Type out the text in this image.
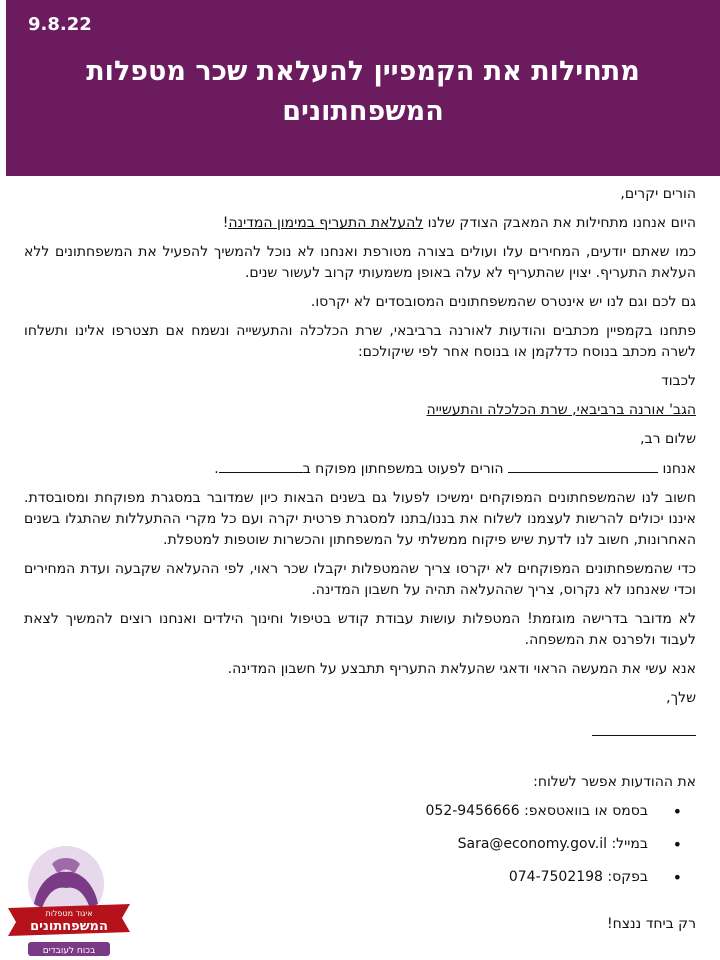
9.8.22
מתחילות את הקמפיין להעלאת שכר מטפלות המשפחתונים

הורים יקרים,

היום אנחנו מתחילות את המאבק הצודק שלנו להעלאת התעריף במימון המדינה!

כמו שאתם יודעים, המחירים עלו ועולים בצורה מטורפת ואנחנו לא נוכל להמשיך להפעיל את המשפחתונים ללא העלאת התעריף. יצוין שהתעריף לא עלה באופן משמעותי קרוב לעשור שנים.

גם לכם וגם לנו יש אינטרס שהמשפחתונים המסובסדים לא יקרסו.

פתחנו בקמפיין מכתבים והודעות לאורנה ברביבאי, שרת הכלכלה והתעשייה ונשמח אם תצטרפו אלינו ותשלחו לשרה מכתב בנוסח כדלקמן או בנוסח אחר לפי שיקולכם:

לכבוד

הגב' אורנה ברביבאי, שרת הכלכלה והתעשייה

שלום רב,

אנחנו  הורים לפעוט במשפחתון מפוקח ב.

חשוב לנו שהמשפחתונים המפוקחים ימשיכו לפעול גם בשנים הבאות כיון שמדובר במסגרת מפוקחת ומסובסדת. איננו יכולים להרשות לעצמנו לשלוח את בננו/בתנו למסגרת פרטית יקרה ועם כל מקרי ההתעללות שהתגלו בשנים האחרונות, חשוב לנו לדעת שיש פיקוח ממשלתי על המשפחתון והכשרות שוטפות למטפלת.

כדי שהמשפחתונים המפוקחים לא יקרסו צריך שהמטפלות יקבלו שכר ראוי, לפי ההעלאה שקבעה ועדת המחירים וכדי שאנחנו לא נקרוס, צריך שההעלאה תהיה על חשבון המדינה.

לא מדובר בדרישה מוגזמת! המטפלות עושות עבודת קודש בטיפול וחינוך הילדים ואנחנו רוצים להמשיך לצאת לעבוד ולפרנס את המשפחה.

אנא עשי את המעשה הראוי ודאגי שהעלאת התעריף תתבצע על חשבון המדינה.

שלך,

את ההודעות אפשר לשלוח:

•
בסמס או בוואטסאפ: 052-9456666
•
במייל: Sara@economy.gov.il
•
בפקס: 074-7502198

רק ביחד ננצח!

איגוד מטפלות
המשפחתונים
בכוח לעובדים
